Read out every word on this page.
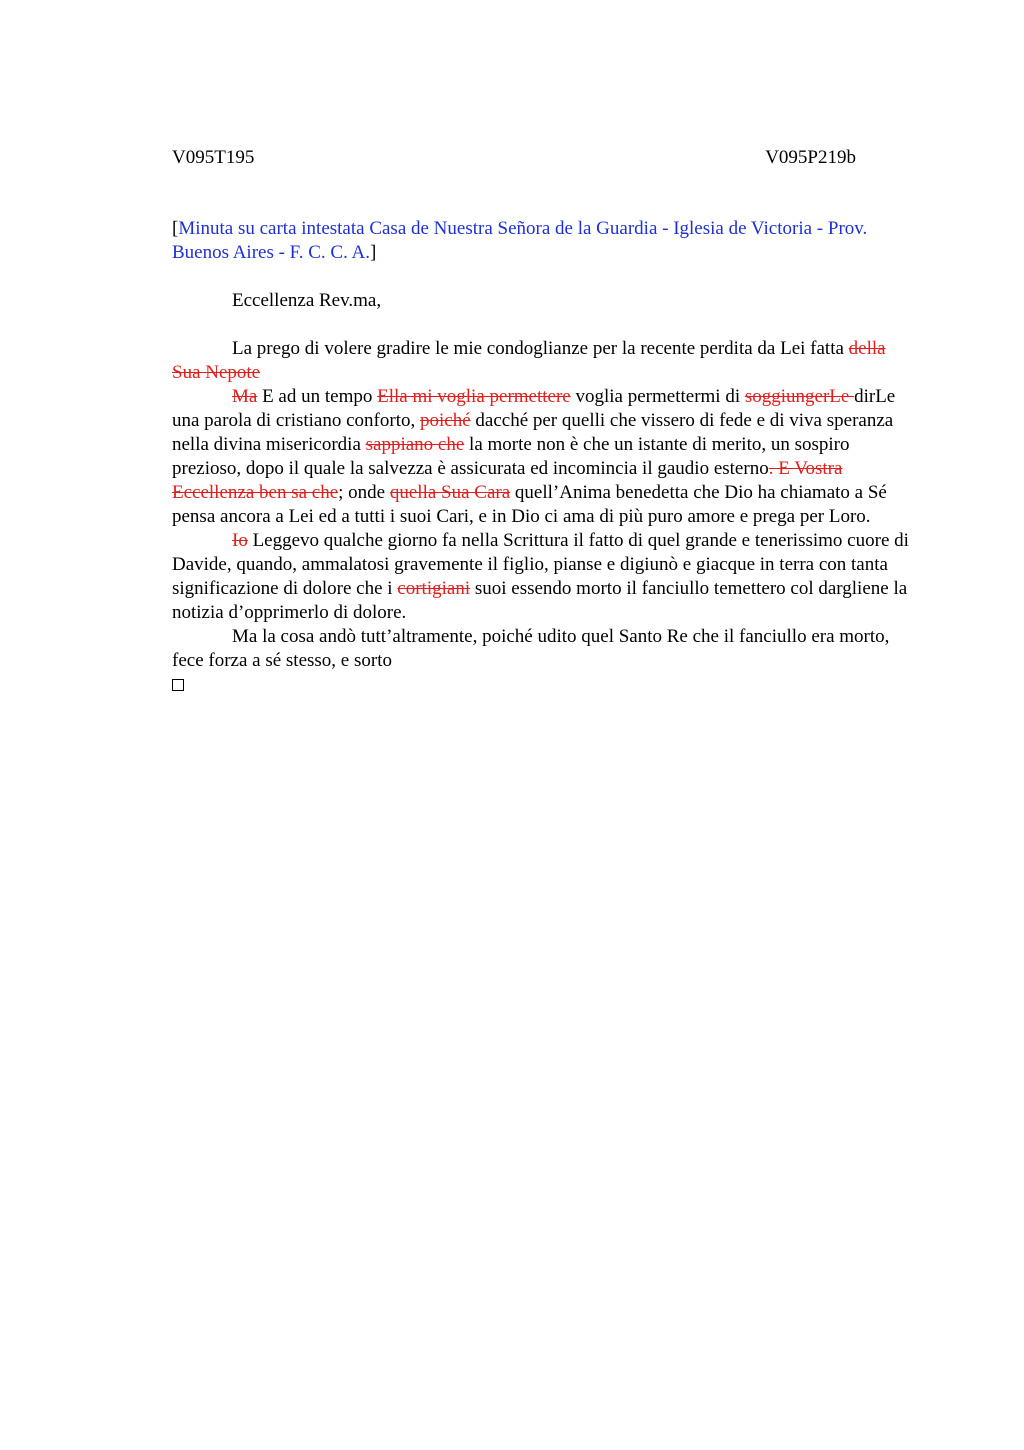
V095T195	V095P219b

[Minuta su carta intestata Casa de Nuestra Señora de la Guardia - Iglesia de Victoria - Prov. Buenos Aires - F. C. C. A.]

Eccellenza Rev.ma,

La prego di volere gradire le mie condoglianze per la recente perdita da Lei fatta della Sua Nepote

Ma E ad un tempo Ella mi voglia permettere voglia permettermi di soggiungerLe dirLe una parola di cristiano conforto, poiché dacché per quelli che vissero di fede e di viva speranza nella divina misericordia sappiano che la morte non è che un istante di merito, un sospiro prezioso, dopo il quale la salvezza è assicurata ed incomincia il gaudio esterno. E Vostra Eccellenza ben sa che; onde quella Sua Cara quell’Anima benedetta che Dio ha chiamato a Sé pensa ancora a Lei ed a tutti i suoi Cari, e in Dio ci ama di più puro amore e prega per Loro.

Io Leggevo qualche giorno fa nella Scrittura il fatto di quel grande e tenerissimo cuore di Davide, quando, ammalatosi gravemente il figlio, pianse e digiunò e giacque in terra con tanta significazione di dolore che i cortigiani suoi essendo morto il fanciullo temettero col dargliene la notizia d’opprimerlo di dolore.

Ma la cosa andò tutt’altramente, poiché udito quel Santo Re che il fanciullo era morto, fece forza a sé stesso, e sorto
